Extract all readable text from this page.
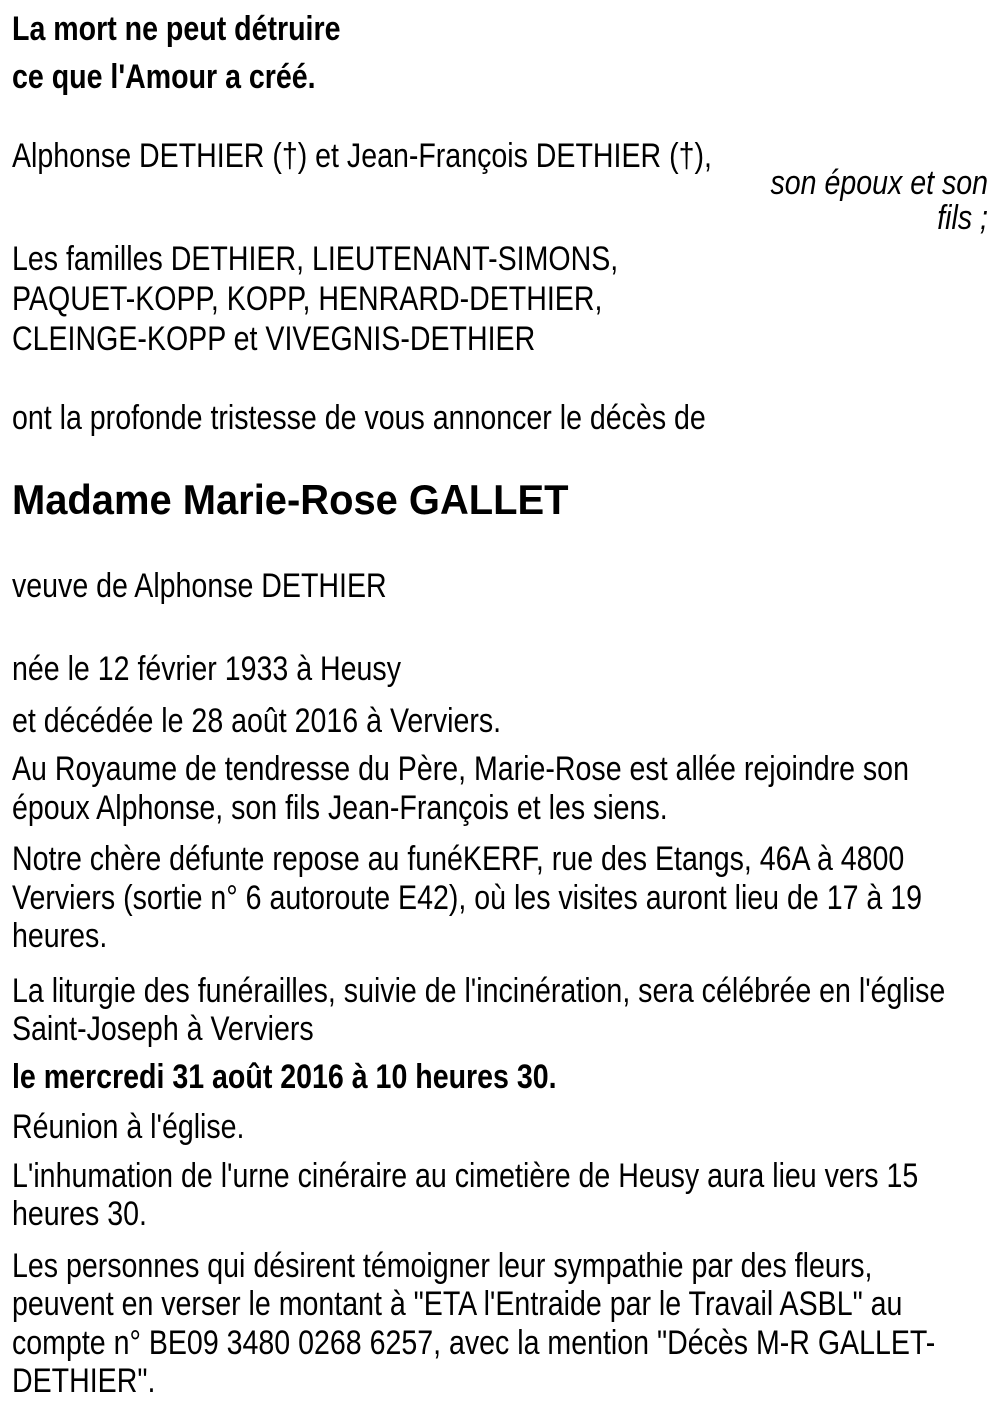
La mort ne peut détruire
ce que l'Amour a créé.
Alphonse DETHIER (†) et Jean-François DETHIER (†),
son époux et son
fils ;
Les familles DETHIER, LIEUTENANT-SIMONS,
PAQUET-KOPP, KOPP, HENRARD-DETHIER,
CLEINGE-KOPP et VIVEGNIS-DETHIER
ont la profonde tristesse de vous annoncer le décès de
Madame Marie-Rose GALLET
veuve de Alphonse DETHIER
née le 12 février 1933 à Heusy
et décédée le 28 août 2016 à Verviers.
Au Royaume de tendresse du Père, Marie-Rose est allée rejoindre son
époux Alphonse, son fils Jean-François et les siens.
Notre chère défunte repose au funéKERF, rue des Etangs, 46A à 4800
Verviers (sortie n° 6 autoroute E42), où les visites auront lieu de 17 à 19
heures.
La liturgie des funérailles, suivie de l'incinération, sera célébrée en l'église
Saint-Joseph à Verviers
le mercredi 31 août 2016 à 10 heures 30.
Réunion à l'église.
L'inhumation de l'urne cinéraire au cimetière de Heusy aura lieu vers 15
heures 30.
Les personnes qui désirent témoigner leur sympathie par des fleurs,
peuvent en verser le montant à "ETA l'Entraide par le Travail ASBL" au
compte n° BE09 3480 0268 6257, avec la mention "Décès M-R GALLET-
DETHIER".
